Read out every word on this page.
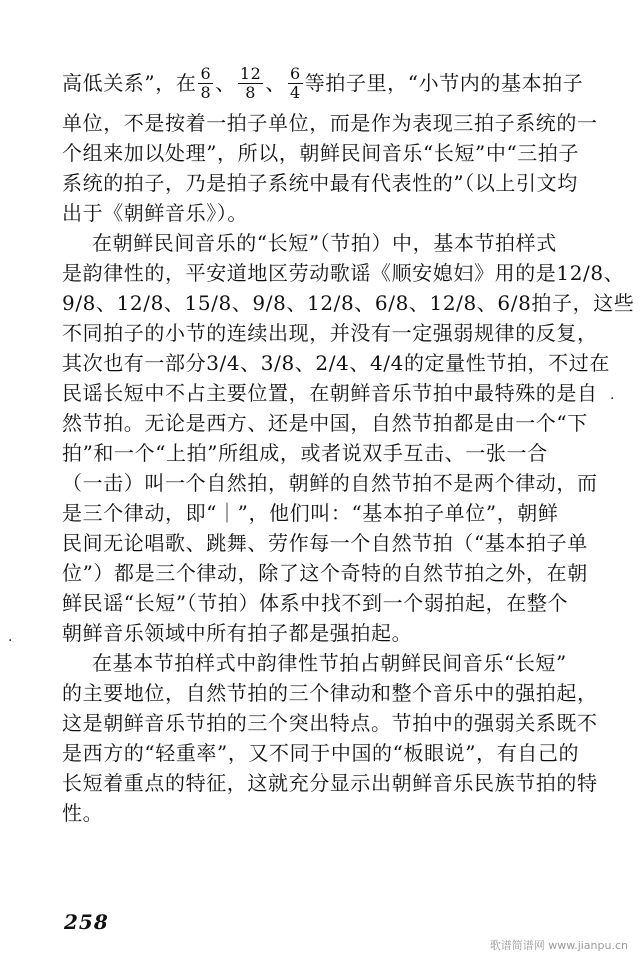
高低关系”，在 $\frac{6}{8}$ 、 $\frac{12}{8}$ 、 $\frac{6}{4}$ 等拍子里，“小节内的基本拍子
单位，不是按着一拍子单位，而是作为表现三拍子系统的一
个组来加以处理”，所以，朝鲜民间音乐“长短”中“三拍子
系统的拍子，乃是拍子系统中最有代表性的”（以上引文均
出于《朝鲜音乐》）。
在朝鲜民间音乐的“长短”（节拍）中，基本节拍样式
是韵律性的，平安道地区劳动歌谣《顺安媳妇》用的是12/8、
9/8、12/8、15/8、9/8、12/8、6/8、12/8、6/8拍子，这些
不同拍子的小节的连续出现，并没有一定强弱规律的反复，
其次也有一部分3/4、3/8、2/4、4/4的定量性节拍，不过在
民谣长短中不占主要位置，在朝鲜音乐节拍中最特殊的是自
然节拍。无论是西方、还是中国，自然节拍都是由一个“下
拍”和一个“上拍”所组成，或者说双手互击、一张一合
（一击）叫一个自然拍，朝鲜的自然节拍不是两个律动，而
是三个律动，即“｜”，他们叫：“基本拍子单位”，朝鲜
民间无论唱歌、跳舞、劳作每一个自然节拍（“基本拍子单
位”）都是三个律动，除了这个奇特的自然节拍之外，在朝
鲜民谣“长短”（节拍）体系中找不到一个弱拍起，在整个
朝鲜音乐领域中所有拍子都是强拍起。
在基本节拍样式中韵律性节拍占朝鲜民间音乐“长短”
的主要地位，自然节拍的三个律动和整个音乐中的强拍起，
这是朝鲜音乐节拍的三个突出特点。节拍中的强弱关系既不
是西方的“轻重率”，又不同于中国的“板眼说”，有自己的
长短着重点的特征，这就充分显示出朝鲜音乐民族节拍的特
性。
·
·
258
歌谱简谱网 www.jianpu.cn
